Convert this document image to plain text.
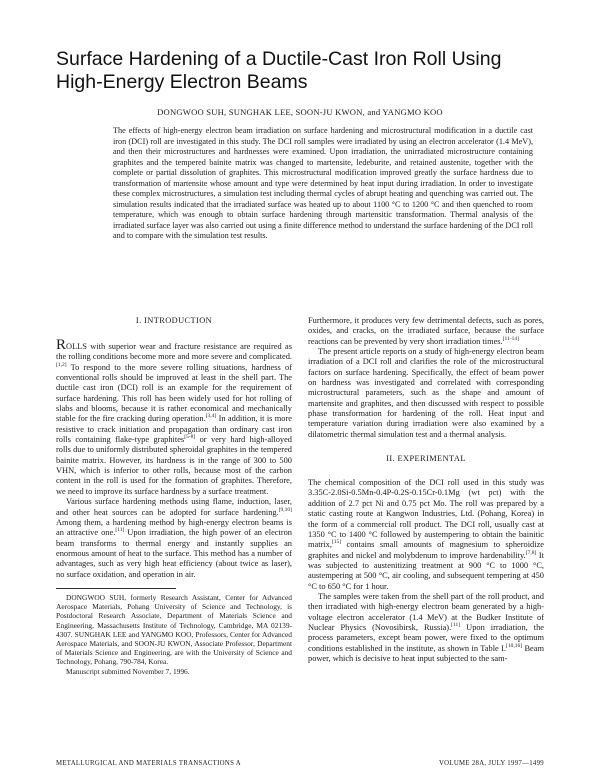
Surface Hardening of a Ductile-Cast Iron Roll Using
High-Energy Electron Beams
DONGWOO SUH, SUNGHAK LEE, SOON-JU KWON, and YANGMO KOO
The effects of high-energy electron beam irradiation on surface hardening and microstructural modification in a ductile cast iron (DCI) roll are investigated in this study. The DCI roll samples were irradiated by using an electron accelerator (1.4 MeV), and then their microstructures and hardnesses were examined. Upon irradiation, the unirradiated microstructure containing graphites and the tempered bainite matrix was changed to martensite, ledeburite, and retained austenite, together with the complete or partial dissolution of graphites. This microstructural modification improved greatly the surface hardness due to transformation of martensite whose amount and type were determined by heat input during irradiation. In order to investigate these complex microstructures, a simulation test including thermal cycles of abrupt heating and quenching was carried out. The simulation results indicated that the irradiated surface was heated up to about 1100 °C to 1200 °C and then quenched to room temperature, which was enough to obtain surface hardening through martensitic transformation. Thermal analysis of the irradiated surface layer was also carried out using a finite difference method to understand the surface hardening of the DCI roll and to compare with the simulation test results.
I. INTRODUCTION

ROLLS with superior wear and fracture resistance are required as the rolling conditions become more and more severe and complicated.[1,2] To respond to the more severe rolling situations, hardness of conventional rolls should be improved at least in the shell part. The ductile cast iron (DCI) roll is an example for the requirement of surface hardening. This roll has been widely used for hot rolling of slabs and blooms, because it is rather economical and mechanically stable for the fire cracking during operation.[3,4] In addition, it is more resistive to crack initiation and propagation than ordinary cast iron rolls containing flake-type graphites[5-8] or very hard high-alloyed rolls due to uniformly distributed spheroidal graphites in the tempered bainite matrix. However, its hardness is in the range of 300 to 500 VHN, which is inferior to other rolls, because most of the carbon content in the roll is used for the formation of graphites. Therefore, we need to improve its surface hardness by a surface treatment.

Various surface hardening methods using flame, induction, laser, and other heat sources can be adopted for surface hardening.[9,10] Among them, a hardening method by high-energy electron beams is an attractive one.[11] Upon irradiation, the high power of an electron beam transforms to thermal energy and instantly supplies an enormous amount of heat to the surface. This method has a number of advantages, such as very high heat efficiency (about twice as laser), no surface oxidation, and operation in air.

DONGWOO SUH, formerly Research Assistant, Center for Advanced Aerospace Materials, Pohang University of Science and Technology, is Postdoctoral Research Associate, Department of Materials Science and Engineering, Massachusetts Institute of Technology, Cambridge, MA 02139-4307. SUNGHAK LEE and YANGMO KOO, Professors, Center for Advanced Aerospace Materials, and SOON-JU KWON, Associate Professor, Department of Materials Science and Engineering, are with the University of Science and Technology, Pohang, 790-784, Korea.
Manuscript submitted November 7, 1996.

Furthermore, it produces very few detrimental defects, such as pores, oxides, and cracks, on the irradiated surface, because the surface reactions can be prevented by very short irradiation times.[11-14]

The present article reports on a study of high-energy electron beam irradiation of a DCI roll and clarifies the role of the microstructural factors on surface hardening. Specifically, the effect of beam power on hardness was investigated and correlated with corresponding microstructural parameters, such as the shape and amount of martensite and graphites, and then discussed with respect to possible phase transformation for hardening of the roll. Heat input and temperature variation during irradiation were also examined by a dilatometric thermal simulation test and a thermal analysis.

II. EXPERIMENTAL

The chemical composition of the DCI roll used in this study was 3.35C-2.0Si-0.5Mn-0.4P-0.2S-0.15Cr-0.1Mg (wt pct) with the addition of 2.7 pct Ni and 0.75 pct Mo. The roll was prepared by a static casting route at Kangwon Industries, Ltd. (Pohang, Korea) in the form of a commercial roll product. The DCI roll, usually cast at 1350 °C to 1400 °C followed by austempering to obtain the bainitic matrix,[15] contains small amounts of magnesium to spheroidize graphites and nickel and molybdenum to improve hardenability.[7,8] It was subjected to austenitizing treatment at 900 °C to 1000 °C, austempering at 500 °C, air cooling, and subsequent tempering at 450 °C to 650 °C for 1 hour.

The samples were taken from the shell part of the roll product, and then irradiated with high-energy electron beam generated by a high-voltage electron accelerator (1.4 MeV) at the Budker Institute of Nuclear Physics (Novosibirsk, Russia).[11] Upon irradiation, the process parameters, except beam power, were fixed to the optimum conditions established in the institute, as shown in Table I.[10,16] Beam power, which is decisive to heat input subjected to the sam-

METALLURGICAL AND MATERIALS TRANSACTIONS A	VOLUME 28A, JULY 1997—1499
